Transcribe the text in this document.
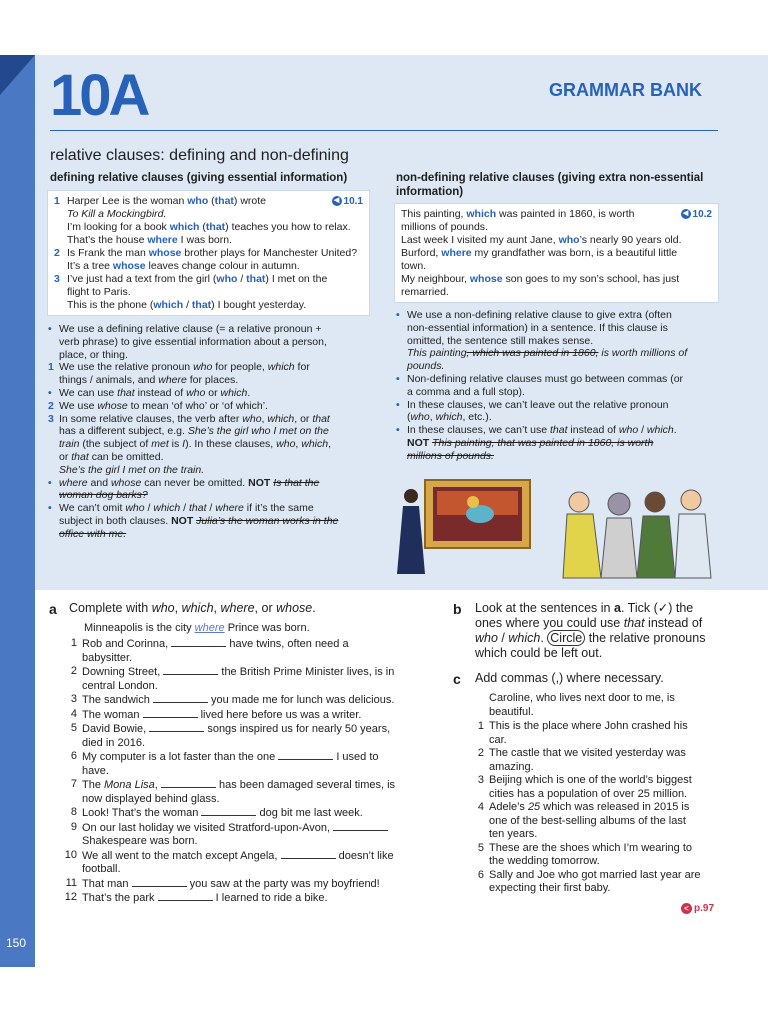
150
10A	GRAMMAR BANK
relative clauses: defining and non-defining
defining relative clauses (giving essential information)
◀ 10.1
1 Harper Lee is the woman who (that) wrote
To Kill a Mockingbird.
I’m looking for a book which (that) teaches you how to relax.
That’s the house where I was born.
2 Is Frank the man whose brother plays for Manchester United?
It’s a tree whose leaves change colour in autumn.
3 I’ve just had a text from the girl (who / that) I met on the
flight to Paris.
This is the phone (which / that) I bought yesterday.
• We use a defining relative clause (= a relative pronoun +
verb phrase) to give essential information about a person,
place, or thing.
1 We use the relative pronoun who for people, which for
things / animals, and where for places.
• We can use that instead of who or which.
2 We use whose to mean ‘of who’ or ‘of which’.
3 In some relative clauses, the verb after who, which, or that
has a different subject, e.g. She’s the girl who I met on the
train (the subject of met is I). In these clauses, who, which,
or that can be omitted.
She’s the girl I met on the train.
• where and whose can never be omitted. NOT Is that the
woman dog barks?
• We can’t omit who / which / that / where if it’s the same
subject in both clauses. NOT Julia’s the woman works in the
office with me.
non-defining relative clauses (giving extra non-essential
information)
◀ 10.2
This painting, which was painted in 1860, is worth
millions of pounds.
Last week I visited my aunt Jane, who’s nearly 90 years old.
Burford, where my grandfather was born, is a beautiful little
town.
My neighbour, whose son goes to my son’s school, has just
remarried.
• We use a non-defining relative clause to give extra (often
non-essential information) in a sentence. If this clause is
omitted, the sentence still makes sense.
This painting, which was painted in 1860, is worth millions of
pounds.
• Non-defining relative clauses must go between commas (or
a comma and a full stop).
• In these clauses, we can’t leave out the relative pronoun
(who, which, etc.).
• In these clauses, we can’t use that instead of who / which.
NOT This painting, that was painted in 1860, is worth
millions of pounds.
a Complete with who, which, where, or whose.
Minneapolis is the city where Prince was born.
1 Rob and Corinna,	have twins, often need a
babysitter.
2 Downing Street,	the British Prime Minister lives, is in
central London.
3 The sandwich	you made me for lunch was delicious.
4 The woman	lived here before us was a writer.
5 David Bowie,	songs inspired us for nearly 50 years,
died in 2016.
6 My computer is a lot faster than the one	I used to
have.
7 The Mona Lisa,	has been damaged several times, is
now displayed behind glass.
8 Look! That’s the woman	dog bit me last week.
9 On our last holiday we visited Stratford-upon-Avon,
Shakespeare was born.
10 We all went to the match except Angela,	doesn’t like
football.
11 That man	you saw at the party was my boyfriend!
12 That’s the park	I learned to ride a bike.
b Look at the sentences in a. Tick (✓) the
ones where you could use that instead of
who / which. Circle the relative pronouns
which could be left out.
c Add commas (,) where necessary.
Caroline, who lives next door to me, is
beautiful.
1 This is the place where John crashed his
car.
2 The castle that we visited yesterday was
amazing.
3 Beijing which is one of the world’s biggest
cities has a population of over 25 million.
4 Adele’s 25 which was released in 2015 is
one of the best-selling albums of the last
ten years.
5 These are the shoes which I’m wearing to
the wedding tomorrow.
6 Sally and Joe who got married last year are
expecting their first baby.
< p.97
